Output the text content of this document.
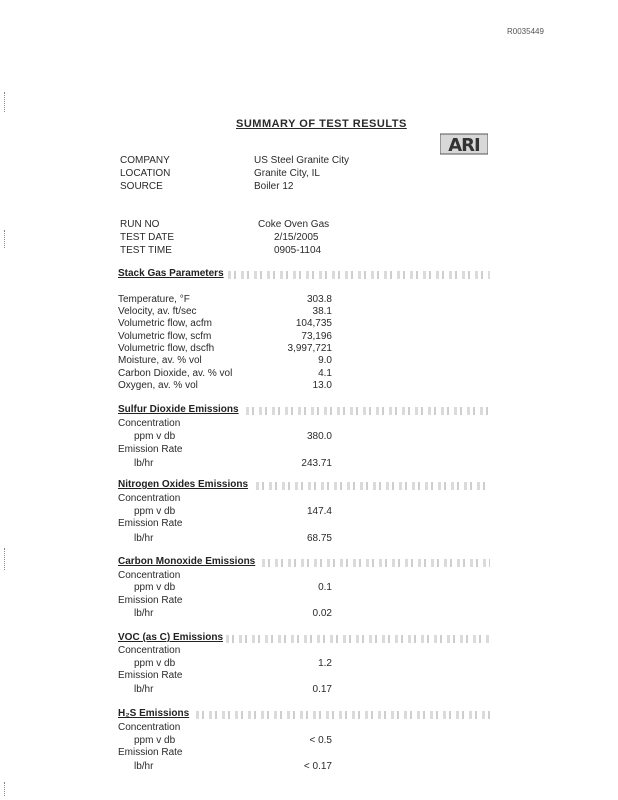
R0035449
SUMMARY OF TEST RESULTS
ARI
COMPANY	US Steel Granite City
LOCATION	Granite City, IL
SOURCE	Boiler 12
RUN NO	Coke Oven Gas
TEST DATE	2/15/2005
TEST TIME	0905-1104
Stack Gas Parameters
Temperature, °F	303.8
Velocity, av. ft/sec	38.1
Volumetric flow, acfm	104,735
Volumetric flow, scfm	73,196
Volumetric flow, dscfh	3,997,721
Moisture, av. % vol	9.0
Carbon Dioxide, av. % vol	4.1
Oxygen, av. % vol	13.0
Sulfur Dioxide Emissions
Concentration
ppm v db	380.0
Emission Rate
lb/hr	243.71
Nitrogen Oxides Emissions
Concentration
ppm v db	147.4
Emission Rate
lb/hr	68.75
Carbon Monoxide Emissions
Concentration
ppm v db	0.1
Emission Rate
lb/hr	0.02
VOC (as C) Emissions
Concentration
ppm v db	1.2
Emission Rate
lb/hr	0.17
H₂S Emissions
Concentration
ppm v db	< 0.5
Emission Rate
lb/hr	< 0.17
